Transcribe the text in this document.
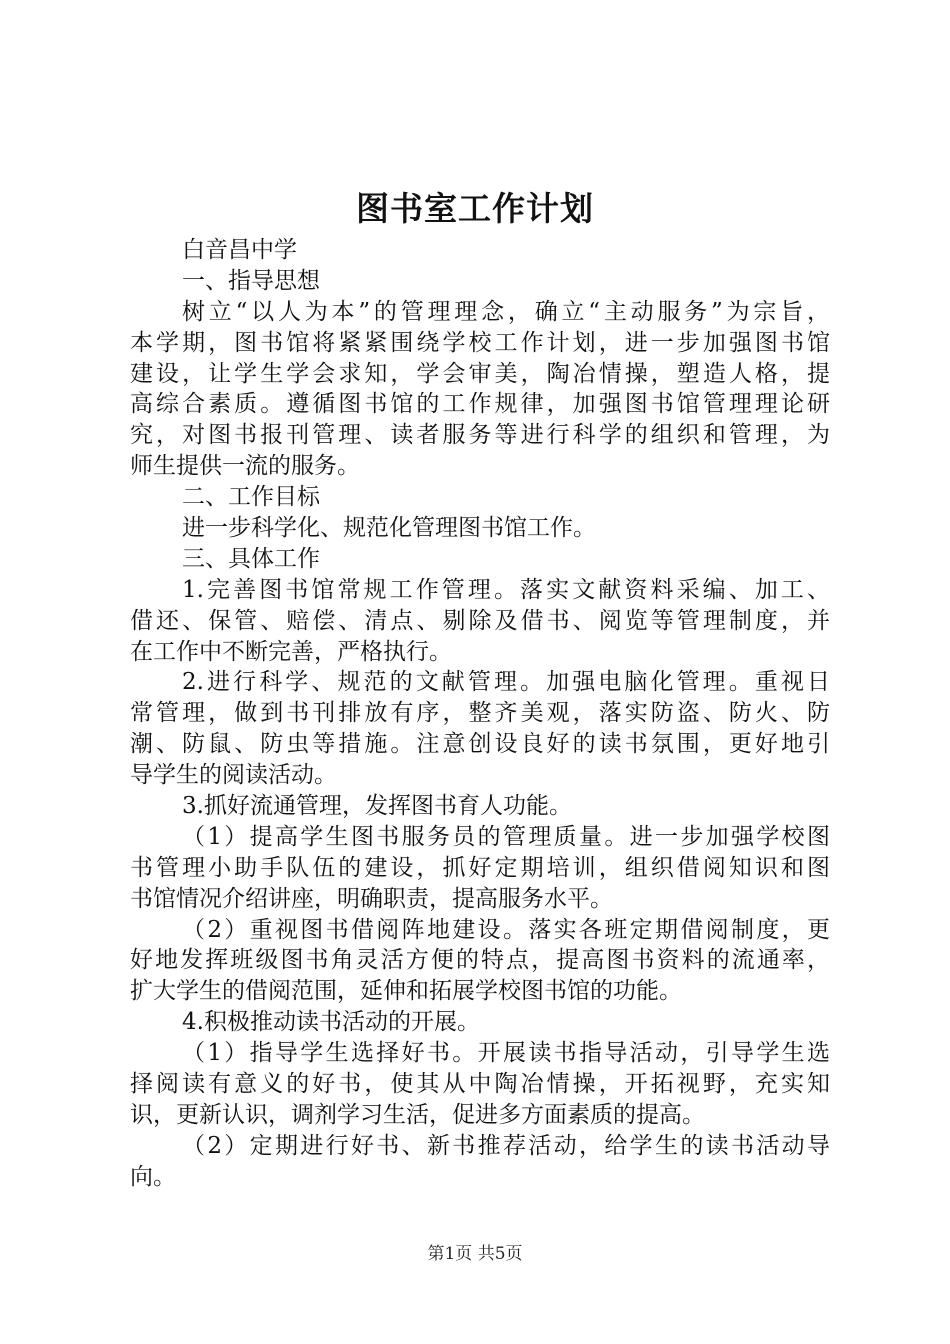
图书室工作计划
白音昌中学
一、指导思想
树立“以人为本”的管理理念，确立“主动服务”为宗旨，
本学期，图书馆将紧紧围绕学校工作计划，进一步加强图书馆
建设，让学生学会求知，学会审美，陶冶情操，塑造人格，提
高综合素质。遵循图书馆的工作规律，加强图书馆管理理论研
究，对图书报刊管理、读者服务等进行科学的组织和管理，为
师生提供一流的服务。
二、工作目标
进一步科学化、规范化管理图书馆工作。
三、具体工作
1.完善图书馆常规工作管理。落实文献资料采编、加工、
借还、保管、赔偿、清点、剔除及借书、阅览等管理制度，并
在工作中不断完善，严格执行。
2.进行科学、规范的文献管理。加强电脑化管理。重视日
常管理，做到书刊排放有序，整齐美观，落实防盗、防火、防
潮、防鼠、防虫等措施。注意创设良好的读书氛围，更好地引
导学生的阅读活动。
3.抓好流通管理，发挥图书育人功能。
（1）提高学生图书服务员的管理质量。进一步加强学校图
书管理小助手队伍的建设，抓好定期培训，组织借阅知识和图
书馆情况介绍讲座，明确职责，提高服务水平。
（2）重视图书借阅阵地建设。落实各班定期借阅制度，更
好地发挥班级图书角灵活方便的特点，提高图书资料的流通率，
扩大学生的借阅范围，延伸和拓展学校图书馆的功能。
4.积极推动读书活动的开展。
（1）指导学生选择好书。开展读书指导活动，引导学生选
择阅读有意义的好书，使其从中陶冶情操，开拓视野，充实知
识，更新认识，调剂学习生活，促进多方面素质的提高。
（2）定期进行好书、新书推荐活动，给学生的读书活动导
向。
第1页 共5页
